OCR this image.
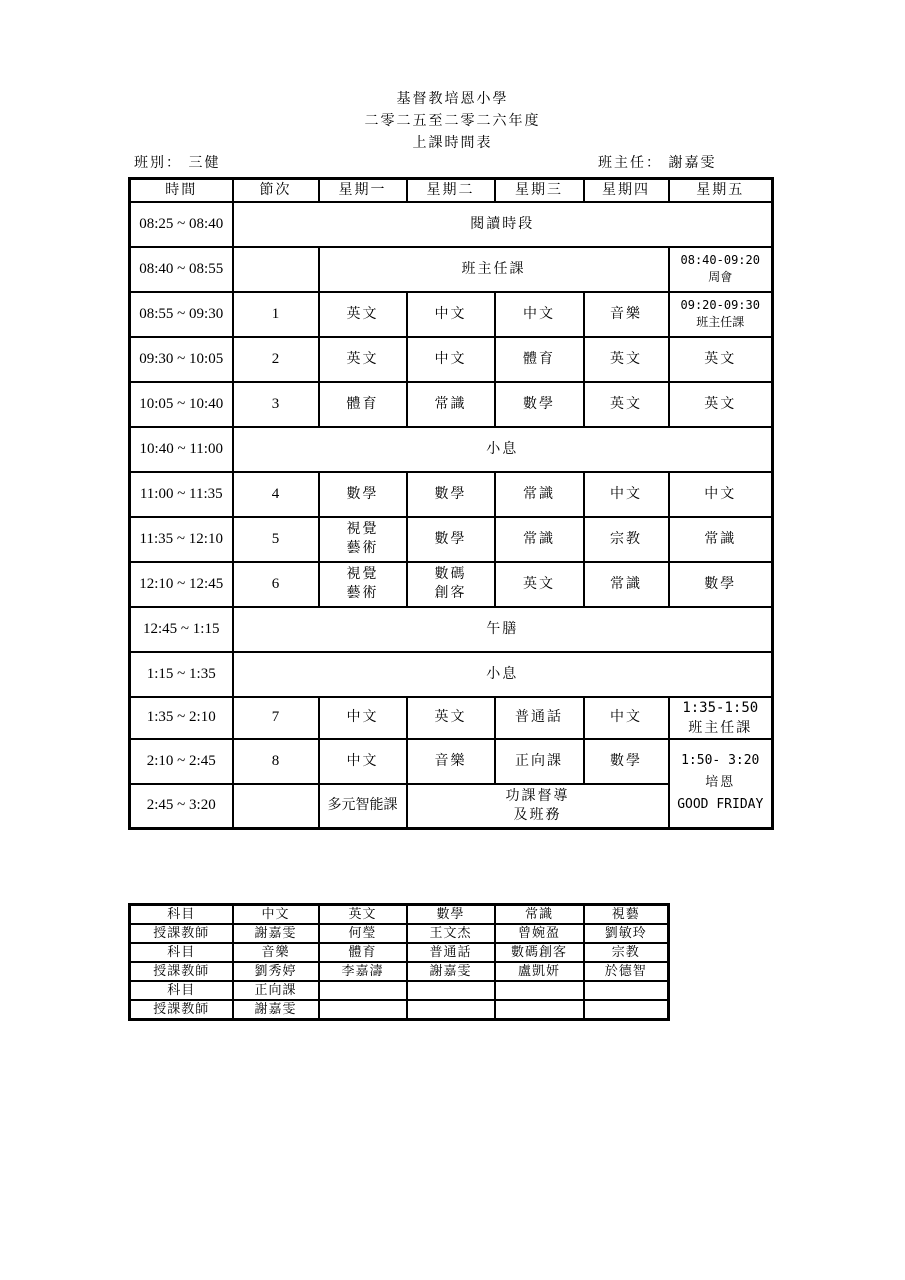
基督教培恩小學
二零二五至二零二六年度
上課時間表
班別： 三健	班主任： 謝嘉雯
時間	節次	星期一	星期二	星期三	星期四	星期五
08:25 ~ 08:40	閱讀時段					
08:40 ~ 08:55		班主任課				08:40-09:20
周會

08:55 ~ 09:30	1	英文	中文	中文	音樂	09:20-09:30
班主任課

09:30 ~ 10:05	2	英文	中文	體育	英文	英文
10:05 ~ 10:40	3	體育	常識	數學	英文	英文
10:40 ~ 11:00	小息					
11:00 ~ 11:35	4	數學	數學	常識	中文	中文
11:35 ~ 12:10	5	視覺
藝術	數學	常識	宗教	常識
12:10 ~ 12:45	6	視覺
藝術	數碼
創客	英文	常識	數學
12:45 ~ 1:15	午膳					
1:15 ~ 1:35	小息					
1:35 ~ 2:10	7	中文	英文	普通話	中文	1:35-1:50
班主任課

2:10 ~ 2:45	8	中文	音樂	正向課	數學	1:50- 3:20
培恩
GOOD FRIDAY

2:45 ~ 3:20		多元智能課	功課督導
及班務			
科目	中文	英文	數學	常識	視藝
授課教師	謝嘉雯	何瑩	王文杰	曾婉盈	劉敏玲
科目	音樂	體育	普通話	數碼創客	宗教
授課教師	劉秀婷	李嘉濤	謝嘉雯	盧凱妍	於德智
科目	正向課				
授課教師	謝嘉雯				
